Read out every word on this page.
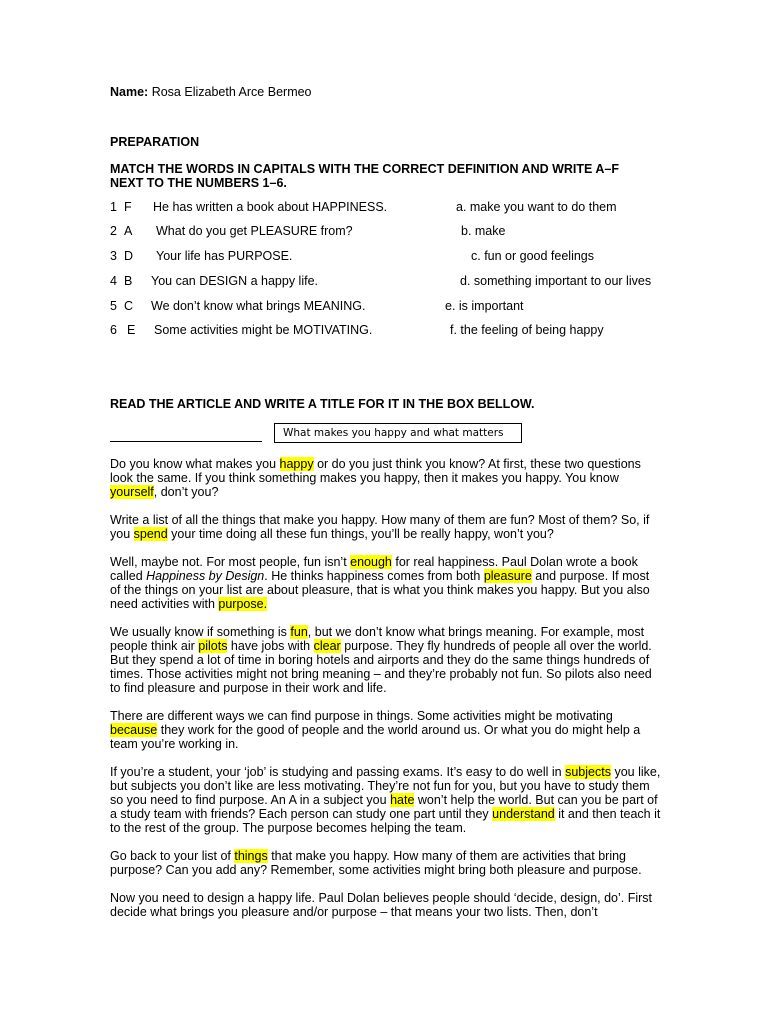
Name: Rosa Elizabeth Arce Bermeo
PREPARATION
MATCH THE WORDS IN CAPITALS WITH THE CORRECT DEFINITION AND WRITE A–F NEXT TO THE NUMBERS 1–6.
1 F He has written a book about HAPPINESS.	a. make you want to do them
2 A What do you get PLEASURE from?	b. make
3 D Your life has PURPOSE.	c. fun or good feelings
4 B You can DESIGN a happy life.	d. something important to our lives
5 C We don’t know what brings MEANING.	e. is important
6 E Some activities might be MOTIVATING.	f. the feeling of being happy
READ THE ARTICLE AND WRITE A TITLE FOR IT IN THE BOX BELLOW.
What makes you happy and what matters

Do you know what makes you happy or do you just think you know? At first, these two questions look the same. If you think something makes you happy, then it makes you happy. You know yourself, don’t you?

Write a list of all the things that make you happy. How many of them are fun? Most of them? So, if you spend your time doing all these fun things, you’ll be really happy, won’t you?

Well, maybe not. For most people, fun isn’t enough for real happiness. Paul Dolan wrote a book called Happiness by Design. He thinks happiness comes from both pleasure and purpose. If most of the things on your list are about pleasure, that is what you think makes you happy. But you also need activities with purpose.

We usually know if something is fun, but we don’t know what brings meaning. For example, most people think air pilots have jobs with clear purpose. They fly hundreds of people all over the world. But they spend a lot of time in boring hotels and airports and they do the same things hundreds of times. Those activities might not bring meaning – and they’re probably not fun. So pilots also need to find pleasure and purpose in their work and life.

There are different ways we can find purpose in things. Some activities might be motivating because they work for the good of people and the world around us. Or what you do might help a team you’re working in.

If you’re a student, your ‘job’ is studying and passing exams. It’s easy to do well in subjects you like, but subjects you don’t like are less motivating. They’re not fun for you, but you have to study them so you need to find purpose. An A in a subject you hate won’t help the world. But can you be part of a study team with friends? Each person can study one part until they understand it and then teach it to the rest of the group. The purpose becomes helping the team.

Go back to your list of things that make you happy. How many of them are activities that bring purpose? Can you add any? Remember, some activities might bring both pleasure and purpose.

Now you need to design a happy life. Paul Dolan believes people should ‘decide, design, do’. First decide what brings you pleasure and/or purpose – that means your two lists. Then, don’t
